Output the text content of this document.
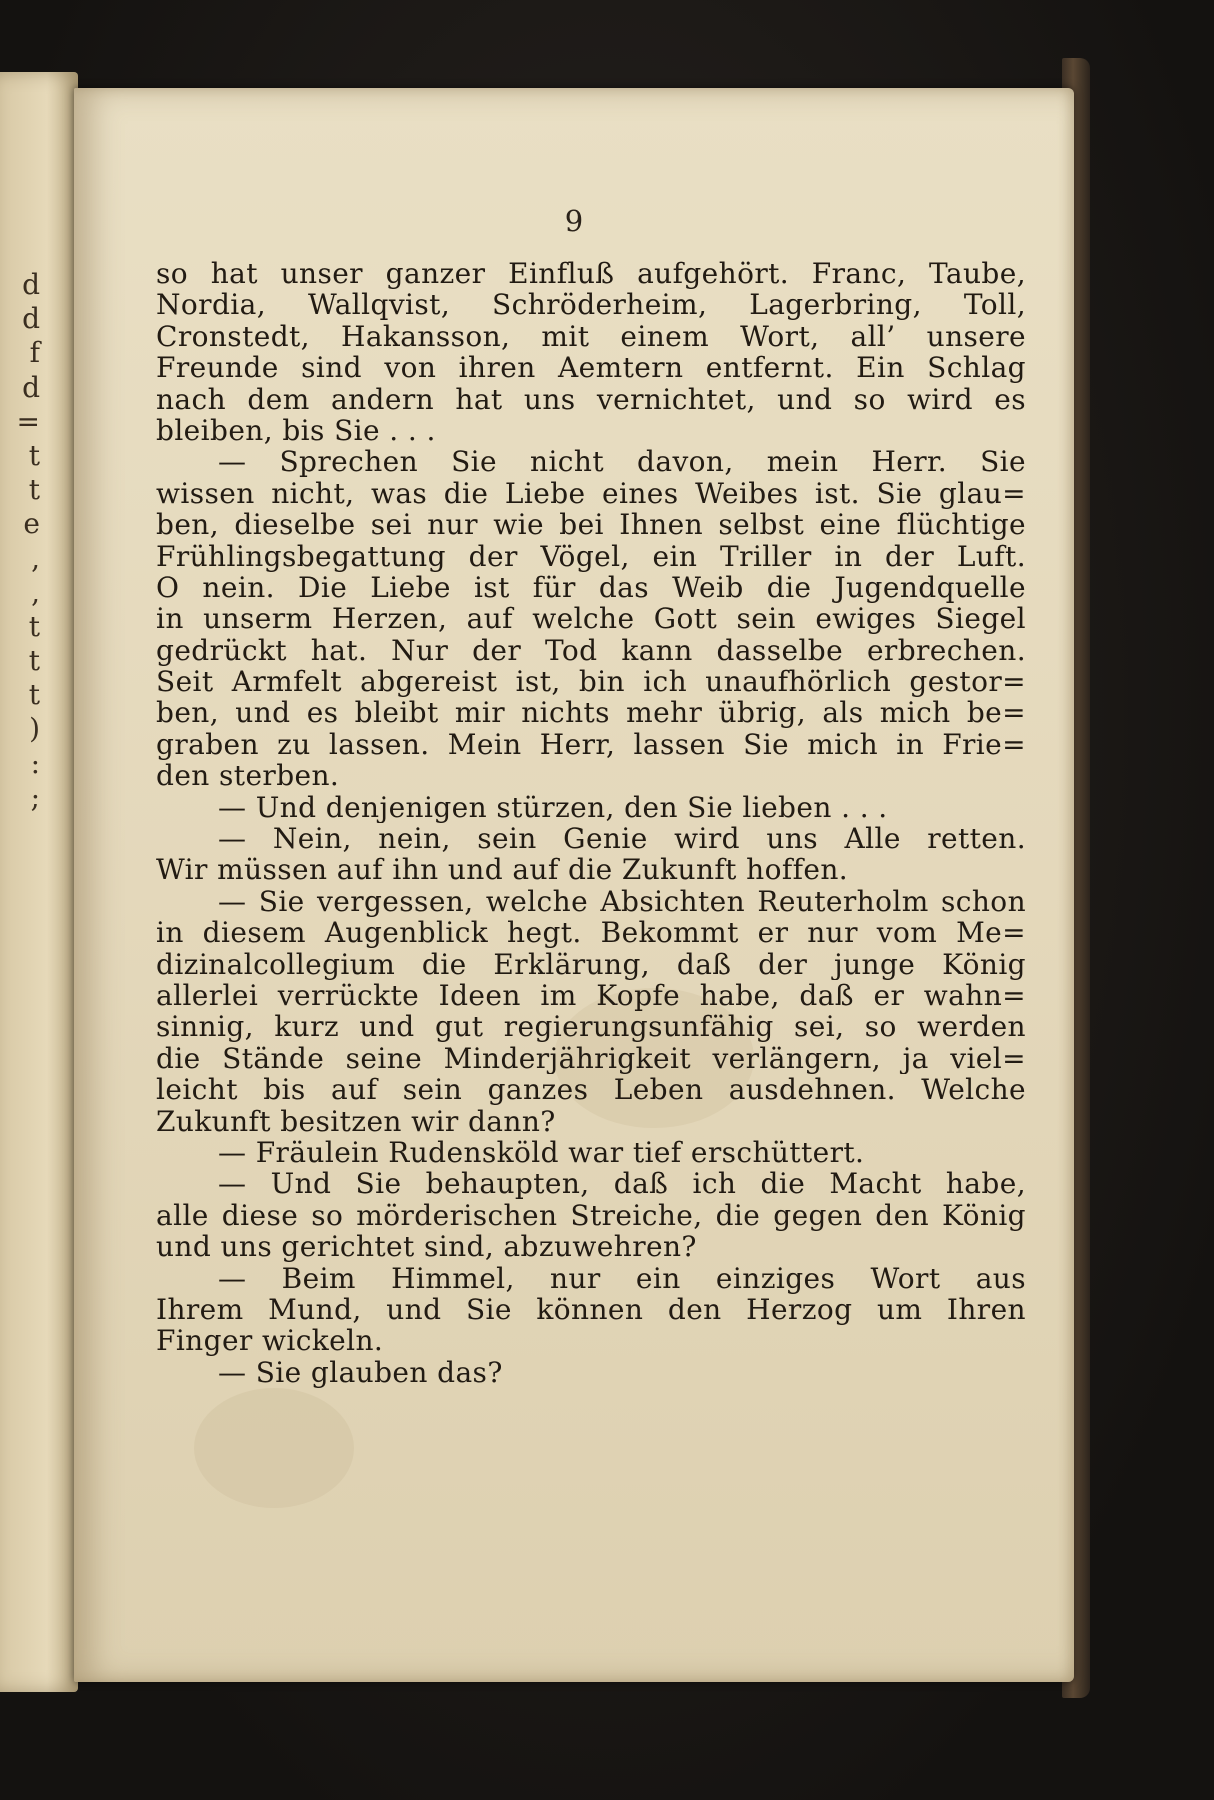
d
d
f
d
=
t
t
e
,
,
t
t
t
)
:
;
9
so hat unser ganzer Einfluß aufgehört. Franc, Taube,
Nordia, Wallqvist, Schröderheim, Lagerbring, Toll,
Cronstedt, Hakansson, mit einem Wort, all’ unsere
Freunde sind von ihren Aemtern entfernt. Ein Schlag
nach dem andern hat uns vernichtet, und so wird es
bleiben, bis Sie . . .
— Sprechen Sie nicht davon, mein Herr. Sie
wissen nicht, was die Liebe eines Weibes ist. Sie glau=
ben, dieselbe sei nur wie bei Ihnen selbst eine flüchtige
Frühlingsbegattung der Vögel, ein Triller in der Luft.
O nein. Die Liebe ist für das Weib die Jugendquelle
in unserm Herzen, auf welche Gott sein ewiges Siegel
gedrückt hat. Nur der Tod kann dasselbe erbrechen.
Seit Armfelt abgereist ist, bin ich unaufhörlich gestor=
ben, und es bleibt mir nichts mehr übrig, als mich be=
graben zu lassen. Mein Herr, lassen Sie mich in Frie=
den sterben.
— Und denjenigen stürzen, den Sie lieben . . .
— Nein, nein, sein Genie wird uns Alle retten.
Wir müssen auf ihn und auf die Zukunft hoffen.
— Sie vergessen, welche Absichten Reuterholm schon
in diesem Augenblick hegt. Bekommt er nur vom Me=
dizinalcollegium die Erklärung, daß der junge König
allerlei verrückte Ideen im Kopfe habe, daß er wahn=
sinnig, kurz und gut regierungsunfähig sei, so werden
die Stände seine Minderjährigkeit verlängern, ja viel=
leicht bis auf sein ganzes Leben ausdehnen. Welche
Zukunft besitzen wir dann?
— Fräulein Rudensköld war tief erschüttert.
— Und Sie behaupten, daß ich die Macht habe,
alle diese so mörderischen Streiche, die gegen den König
und uns gerichtet sind, abzuwehren?
— Beim Himmel, nur ein einziges Wort aus
Ihrem Mund, und Sie können den Herzog um Ihren
Finger wickeln.
— Sie glauben das?
